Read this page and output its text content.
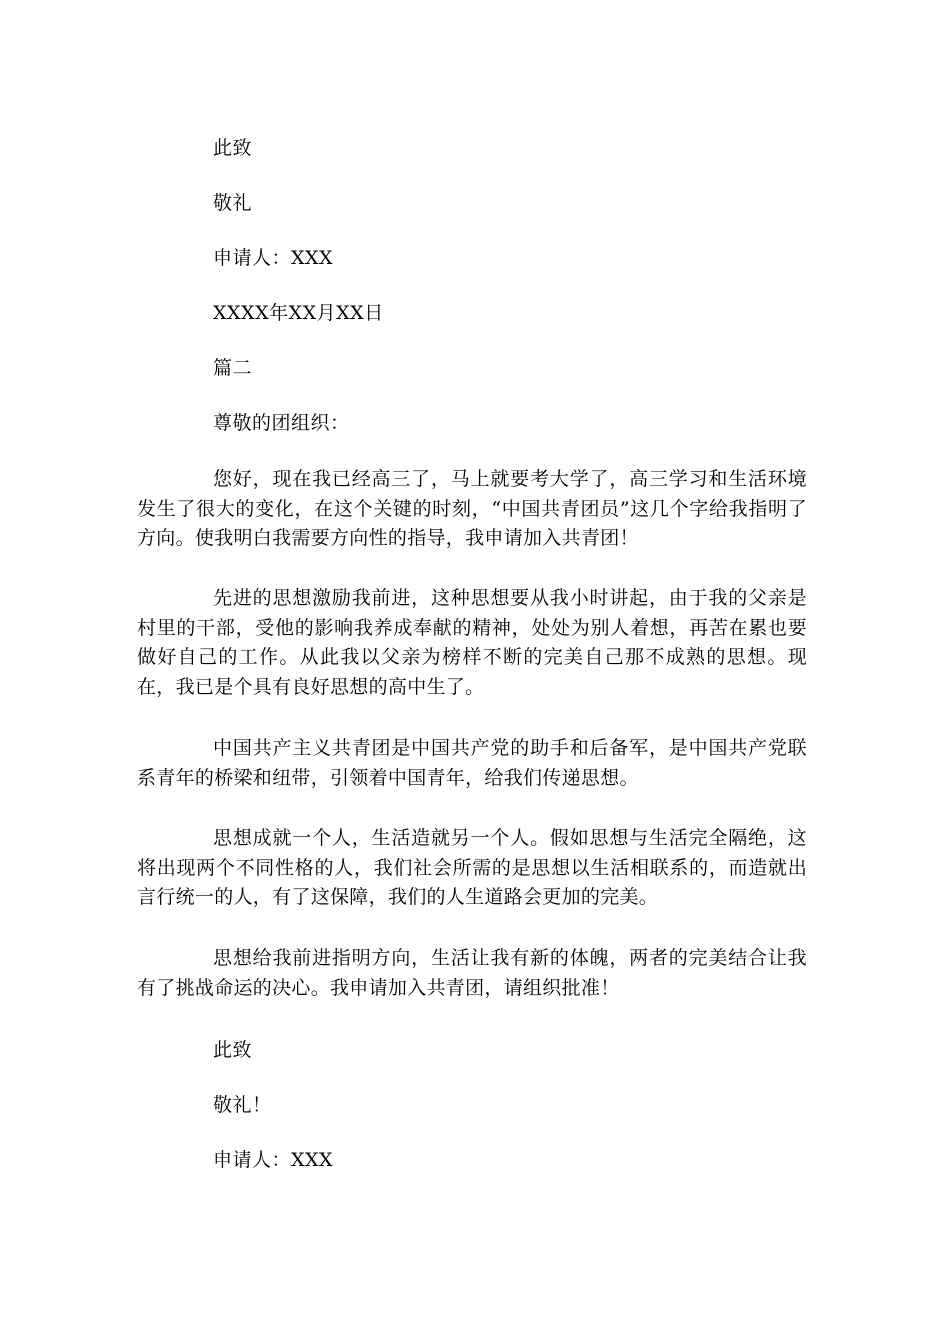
此致
敬礼
申请人：XXX
XXXX年XX月XX日
篇二
尊敬的团组织：

您好，现在我已经高三了，马上就要考大学了，高三学习和生活环境发生了很大的变化，在这个关键的时刻，“中国共青团员”这几个字给我指明了方向。使我明白我需要方向性的指导，我申请加入共青团！

先进的思想激励我前进，这种思想要从我小时讲起，由于我的父亲是村里的干部，受他的影响我养成奉献的精神，处处为别人着想，再苦在累也要做好自己的工作。从此我以父亲为榜样不断的完美自己那不成熟的思想。现在，我已是个具有良好思想的高中生了。

中国共产主义共青团是中国共产党的助手和后备军，是中国共产党联系青年的桥梁和纽带，引领着中国青年，给我们传递思想。

思想成就一个人，生活造就另一个人。假如思想与生活完全隔绝，这将出现两个不同性格的人，我们社会所需的是思想以生活相联系的，而造就出言行统一的人，有了这保障，我们的人生道路会更加的完美。

思想给我前进指明方向，生活让我有新的体魄，两者的完美结合让我有了挑战命运的决心。我申请加入共青团，请组织批准！

此致
敬礼！
申请人：XXX
